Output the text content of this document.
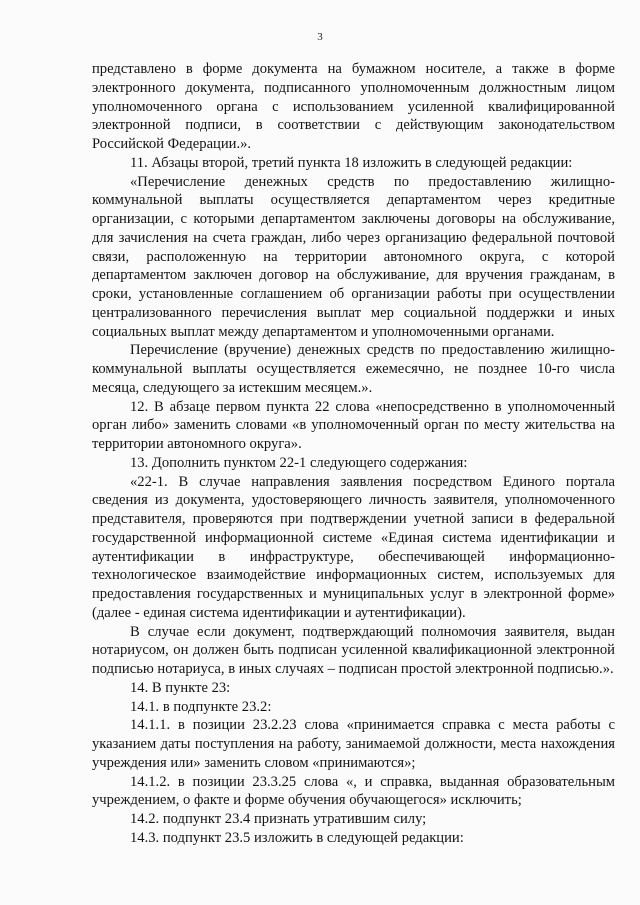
3

представлено в форме документа на бумажном носителе, а также в форме электронного документа, подписанного уполномоченным должностным лицом уполномоченного органа с использованием усиленной квалифицированной электронной подписи, в соответствии с действующим законодательством Российской Федерации.».

11. Абзацы второй, третий пункта 18 изложить в следующей редакции:

«Перечисление денежных средств по предоставлению жилищно-коммунальной выплаты осуществляется департаментом через кредитные организации, с которыми департаментом заключены договоры на обслуживание, для зачисления на счета граждан, либо через организацию федеральной почтовой связи, расположенную на территории автономного округа, с которой департаментом заключен договор на обслуживание, для вручения гражданам, в сроки, установленные соглашением об организации работы при осуществлении централизованного перечисления выплат мер социальной поддержки и иных социальных выплат между департаментом и уполномоченными органами.

Перечисление (вручение) денежных средств по предоставлению жилищно-коммунальной выплаты осуществляется ежемесячно, не позднее 10-го числа месяца, следующего за истекшим месяцем.».

12. В абзаце первом пункта 22 слова «непосредственно в уполномоченный орган либо» заменить словами «в уполномоченный орган по месту жительства на территории автономного округа».

13. Дополнить пунктом 22-1 следующего содержания:

«22-1. В случае направления заявления посредством Единого портала сведения из документа, удостоверяющего личность заявителя, уполномоченного представителя, проверяются при подтверждении учетной записи в федеральной государственной информационной системе «Единая система идентификации и аутентификации в инфраструктуре, обеспечивающей информационно-технологическое взаимодействие информационных систем, используемых для предоставления государственных и муниципальных услуг в электронной форме» (далее - единая система идентификации и аутентификации).

В случае если документ, подтверждающий полномочия заявителя, выдан нотариусом, он должен быть подписан усиленной квалификационной электронной подписью нотариуса, в иных случаях – подписан простой электронной подписью.».

14. В пункте 23:

14.1. в подпункте 23.2:

14.1.1. в позиции 23.2.23 слова «принимается справка с места работы с указанием даты поступления на работу, занимаемой должности, места нахождения учреждения или» заменить словом «принимаются»;

14.1.2. в позиции 23.3.25 слова «, и справка, выданная образовательным учреждением, о факте и форме обучения обучающегося» исключить;

14.2. подпункт 23.4 признать утратившим силу;

14.3. подпункт 23.5 изложить в следующей редакции:
